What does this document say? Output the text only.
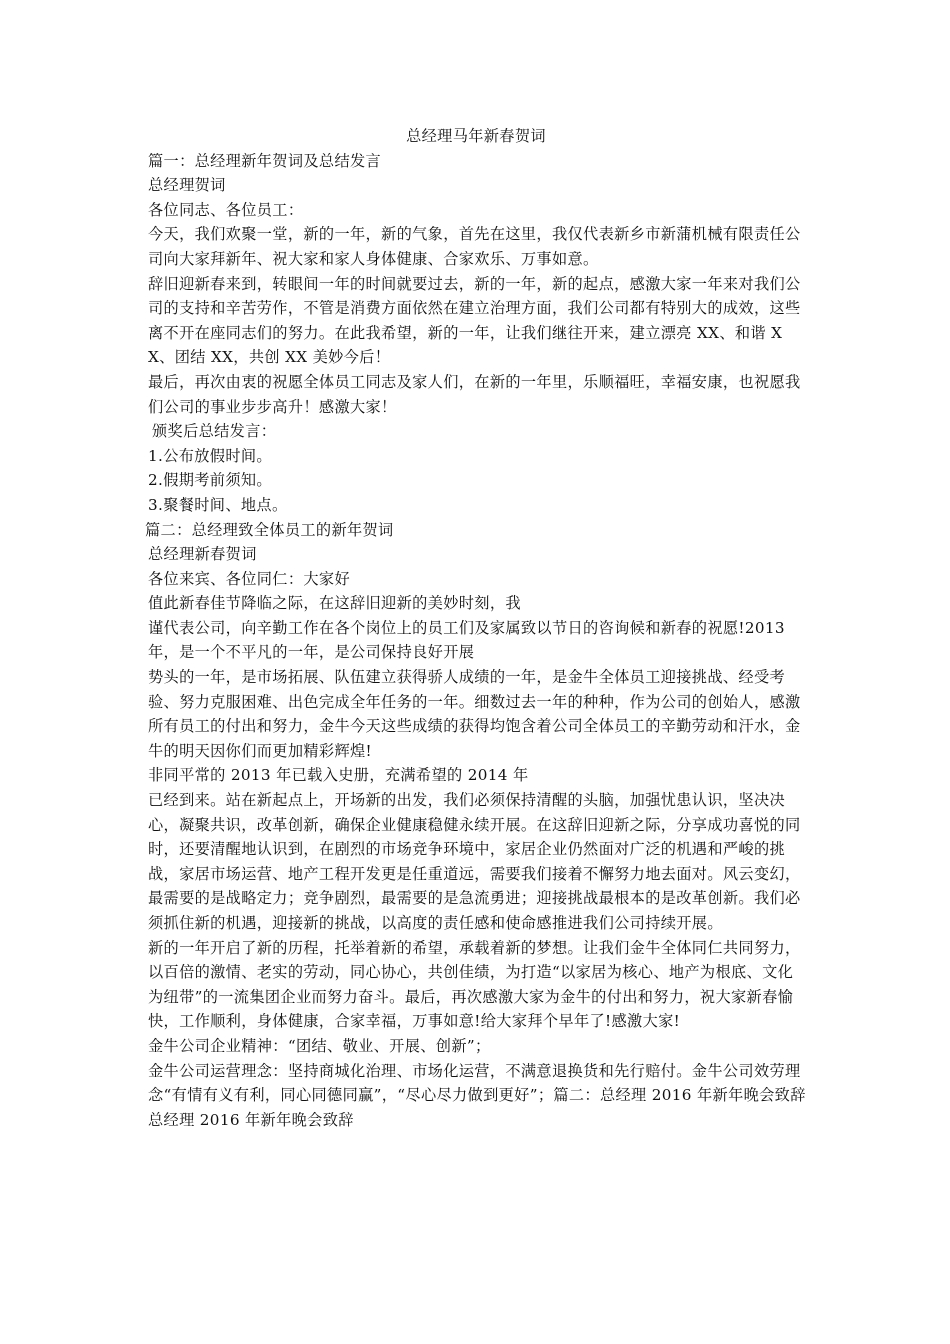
总经理马年新春贺词

篇一：总经理新年贺词及总结发言

总经理贺词

各位同志、各位员工：

今天，我们欢聚一堂，新的一年，新的气象，首先在这里，我仅代表新乡市新蒲机械有限责任公司向大家拜新年、祝大家和家人身体健康、合家欢乐、万事如意。

辞旧迎新春来到，转眼间一年的时间就要过去，新的一年，新的起点，感激大家一年来对我们公司的支持和辛苦劳作，不管是消费方面依然在建立治理方面，我们公司都有特别大的成效，这些离不开在座同志们的努力。在此我希望，新的一年，让我们继往开来，建立漂亮 XX、和谐 XX、团结 XX，共创 XX 美妙今后！

最后，再次由衷的祝愿全体员工同志及家人们，在新的一年里，乐顺福旺，幸福安康，也祝愿我们公司的事业步步高升！感激大家！

颁奖后总结发言：

1.公布放假时间。

2.假期考前须知。

3.聚餐时间、地点。

篇二：总经理致全体员工的新年贺词

总经理新春贺词

各位来宾、各位同仁：大家好

值此新春佳节降临之际，在这辞旧迎新的美妙时刻，我

谨代表公司，向辛勤工作在各个岗位上的员工们及家属致以节日的咨询候和新春的祝愿!2013 年，是一个不平凡的一年，是公司保持良好开展

势头的一年，是市场拓展、队伍建立获得骄人成绩的一年，是金牛全体员工迎接挑战、经受考验、努力克服困难、出色完成全年任务的一年。细数过去一年的种种，作为公司的创始人，感激所有员工的付出和努力，金牛今天这些成绩的获得均饱含着公司全体员工的辛勤劳动和汗水，金牛的明天因你们而更加精彩辉煌!

非同平常的 2013 年已载入史册，充满希望的 2014 年

已经到来。站在新起点上，开场新的出发，我们必须保持清醒的头脑，加强忧患认识，坚决决心，凝聚共识，改革创新，确保企业健康稳健永续开展。在这辞旧迎新之际，分享成功喜悦的同时，还要清醒地认识到，在剧烈的市场竞争环境中，家居企业仍然面对广泛的机遇和严峻的挑战，家居市场运营、地产工程开发更是任重道远，需要我们接着不懈努力地去面对。风云变幻，最需要的是战略定力；竞争剧烈，最需要的是急流勇进；迎接挑战最根本的是改革创新。我们必须抓住新的机遇，迎接新的挑战，以高度的责任感和使命感推进我们公司持续开展。

新的一年开启了新的历程，托举着新的希望，承载着新的梦想。让我们金牛全体同仁共同努力，以百倍的激情、老实的劳动，同心协心，共创佳绩，为打造“以家居为核心、地产为根底、文化为纽带”的一流集团企业而努力奋斗。最后，再次感激大家为金牛的付出和努力，祝大家新春愉快，工作顺利，身体健康，合家幸福，万事如意!给大家拜个早年了!感激大家!

金牛公司企业精神：“团结、敬业、开展、创新”；

金牛公司运营理念：坚持商城化治理、市场化运营，不满意退换货和先行赔付。金牛公司效劳理念“有情有义有利，同心同德同赢”，“尽心尽力做到更好”；篇二：总经理 2016 年新年晚会致辞

总经理 2016 年新年晚会致辞
